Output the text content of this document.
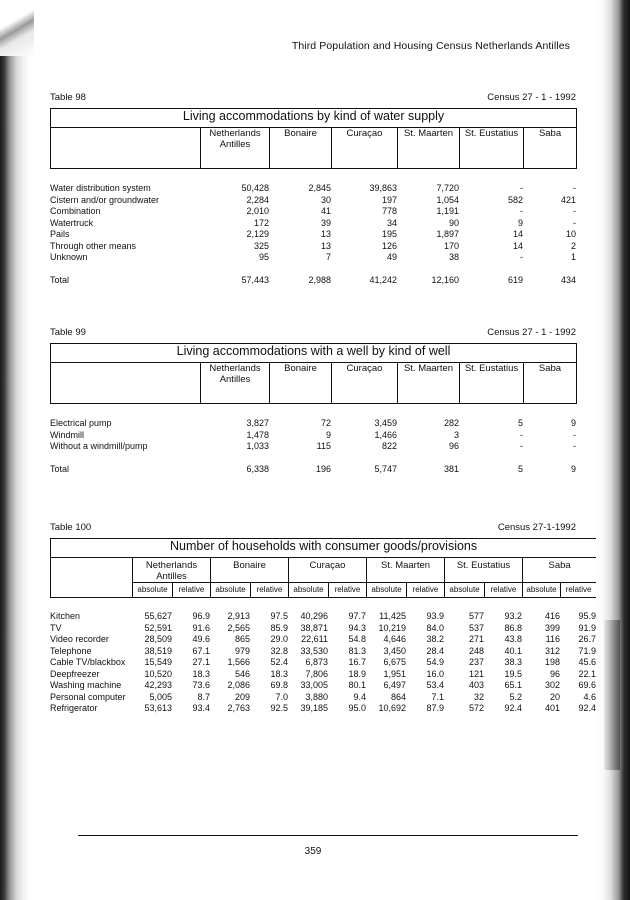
Third Population and Housing Census Netherlands Antilles
Table 98	Census 27 - 1 - 1992
Living accommodations by kind of water supply

Netherlands
Antilles
	Bonaire	Curaçao	St. Maarten	St. Eustatius	Saba
Water distribution system	50,428	2,845	39,863	7,720	-	-
Cistern and/or groundwater	2,284	30	197	1,054	582	421
Combination	2,010	41	778	1,191	-	-
Watertruck	172	39	34	90	9	-
Pails	2,129	13	195	1,897	14	10
Through other means	325	13	126	170	14	2
Unknown	95	7	49	38	-	1

Total	57,443	2,988	41,242	12,160	619	434
Table 99	Census 27 - 1 - 1992
Living accommodations with a well by kind of well

Netherlands
Antilles
	Bonaire	Curaçao	St. Maarten	St. Eustatius	Saba
Electrical pump	3,827	72	3,459	282	5	9
Windmill	1,478	9	1,466	3	-	-
Without a windmill/pump	1,033	115	822	96	-	-

Total	6,338	196	5,747	381	5	9
Table 100	Census 27-1-1992
Number of households with consumer goods/provisions												

	Netherlands
Antilles		Bonaire		Curaçao		St. Maarten		St. Eustatius		Saba	
	absolute	relative	absolute	relative	absolute	relative	absolute	relative	absolute	relative	absolute	relative
Kitchen	55,627	96.9	2,913	97.5	40,296	97.7	11,425	93.9	577	93.2	416	95.9
TV	52,591	91.6	2,565	85.9	38,871	94.3	10,219	84.0	537	86.8	399	91.9
Video recorder	28,509	49.6	865	29.0	22,611	54.8	4,646	38.2	271	43.8	116	26.7
Telephone	38,519	67.1	979	32.8	33,530	81.3	3,450	28.4	248	40.1	312	71.9
Cable TV/blackbox	15,549	27.1	1,566	52.4	6,873	16.7	6,675	54.9	237	38.3	198	45.6
Deepfreezer	10,520	18.3	546	18.3	7,806	18.9	1,951	16.0	121	19.5	96	22.1
Washing machine	42,293	73.6	2,086	69.8	33,005	80.1	6,497	53.4	403	65.1	302	69.6
Personal computer	5,005	8.7	209	7.0	3,880	9.4	864	7.1	32	5.2	20	4.6
Refrigerator	53,613	93.4	2,763	92.5	39,185	95.0	10,692	87.9	572	92.4	401	92.4
359
